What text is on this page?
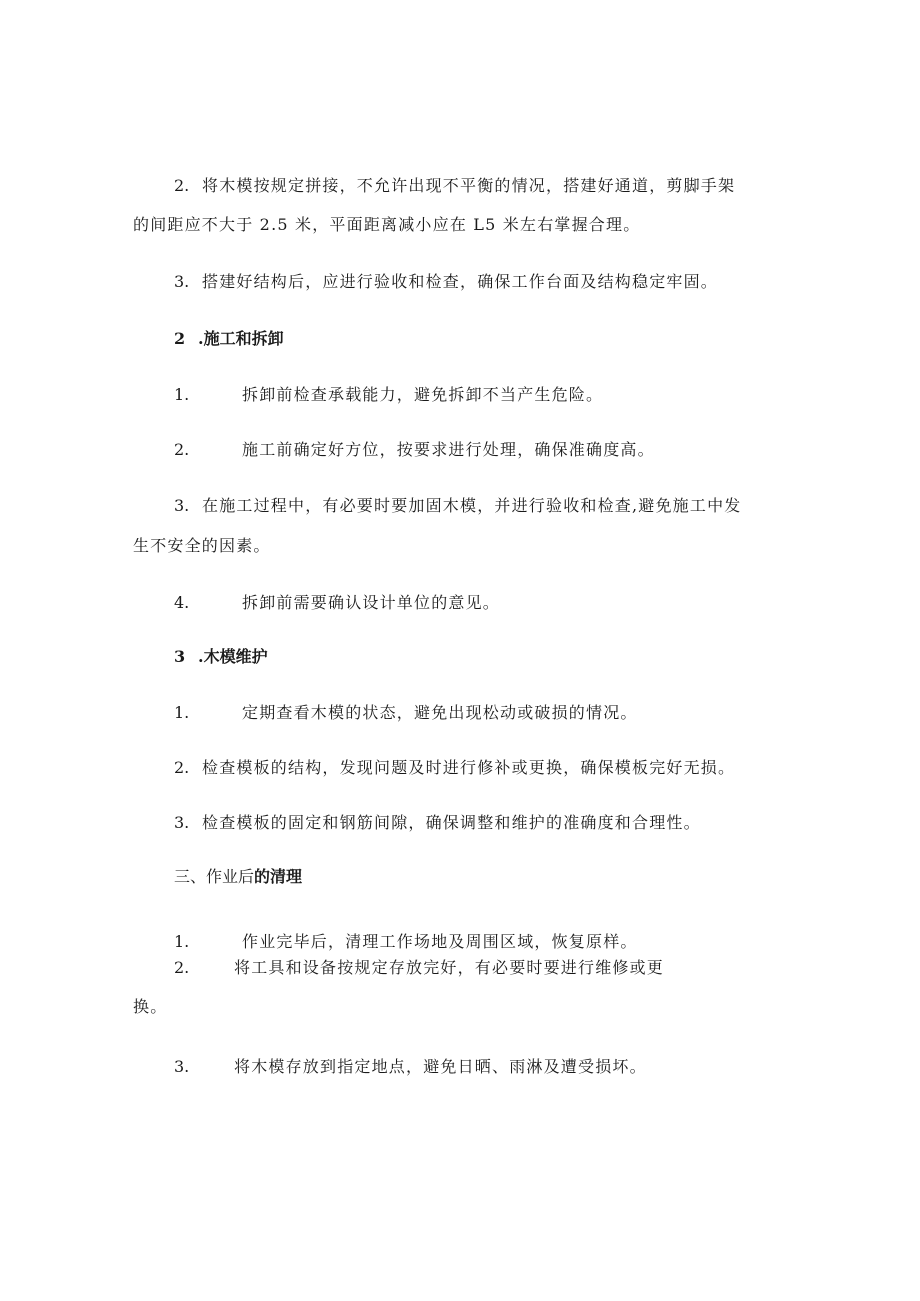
2. 将木模按规定拼接，不允许出现不平衡的情况，搭建好通道，剪脚手架
的间距应不大于 2.5 米，平面距离减小应在 L5 米左右掌握合理。
3. 搭建好结构后，应进行验收和检查，确保工作台面及结构稳定牢固。
2 .施工和拆卸
1.	拆卸前检查承载能力，避免拆卸不当产生危险。
2.	施工前确定好方位，按要求进行处理，确保准确度高。
3. 在施工过程中，有必要时要加固木模，并进行验收和检查,避免施工中发
生不安全的因素。
4.	拆卸前需要确认设计单位的意见。
3 .木模维护
1.	定期查看木模的状态，避免出现松动或破损的情况。
2. 检查模板的结构，发现问题及时进行修补或更换，确保模板完好无损。
3. 检查模板的固定和钢筋间隙，确保调整和维护的准确度和合理性。
三、作业后的清理
1.	作业完毕后，清理工作场地及周围区域，恢复原样。
2.	将工具和设备按规定存放完好，有必要时要进行维修或更
换。
3.	将木模存放到指定地点，避免日晒、雨淋及遭受损坏。
